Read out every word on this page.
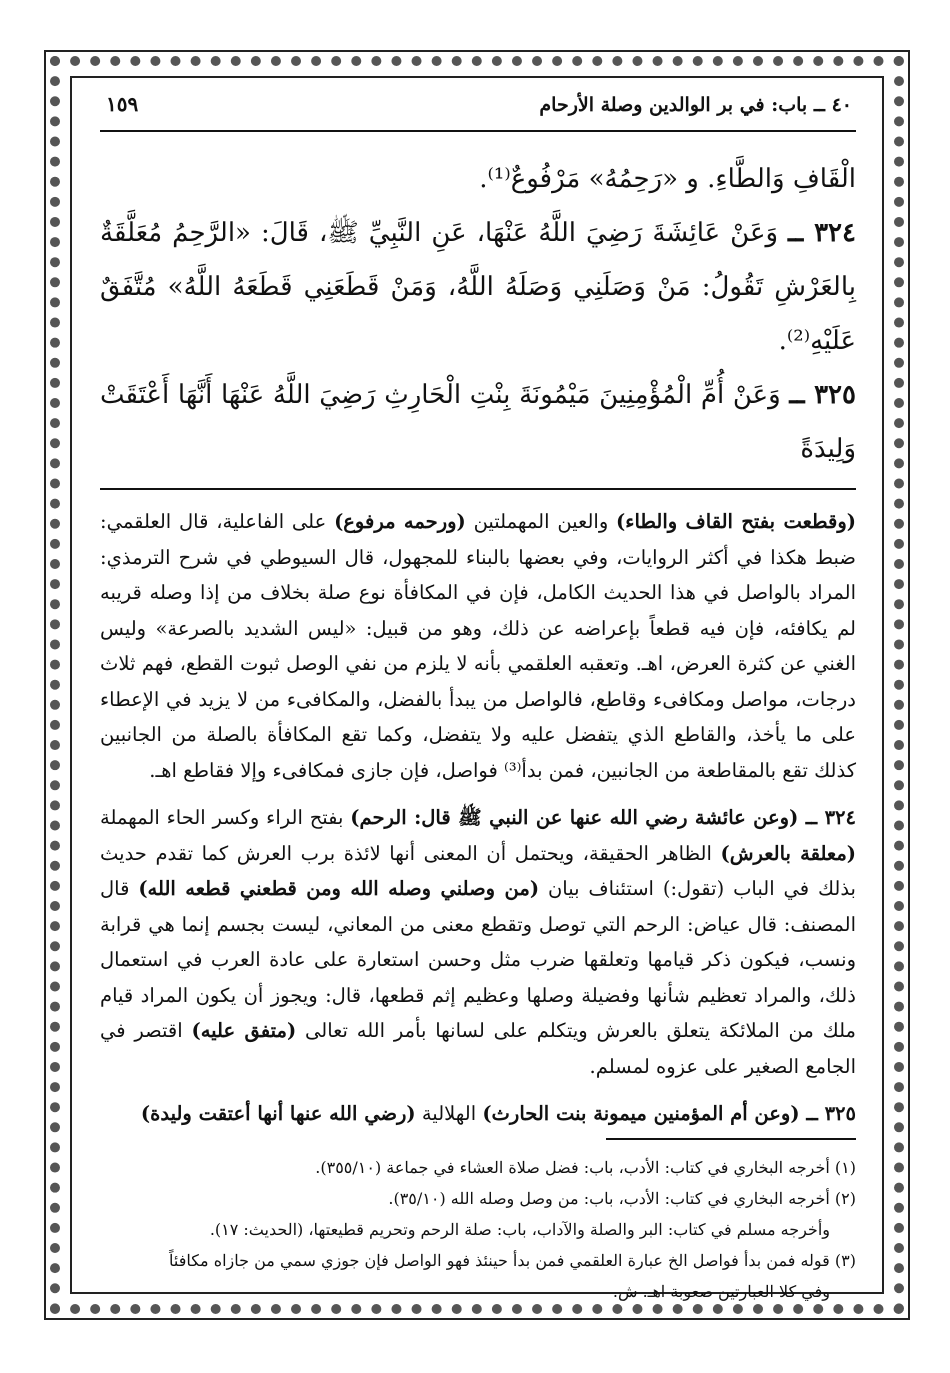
٤٠ ــ باب: في بر الوالدين وصلة الأرحام
١٥٩

الْقَافِ وَالطَّاءِ. و «رَحِمُهُ» مَرْفُوعٌ⁽¹⁾.

٣٢٤ ــ وَعَنْ عَائِشَةَ رَضِيَ اللَّهُ عَنْهَا، عَنِ النَّبِيِّ ﷺ، قَالَ: «الرَّحِمُ مُعَلَّقَةٌ بِالعَرْشِ تَقُولُ: مَنْ وَصَلَنِي وَصَلَهُ اللَّهُ، وَمَنْ قَطَعَنِي قَطَعَهُ اللَّهُ» مُتَّفَقٌ عَلَيْهِ⁽²⁾.

٣٢٥ ــ وَعَنْ أُمِّ الْمُؤْمِنِينَ مَيْمُونَةَ بِنْتِ الْحَارِثِ رَضِيَ اللَّهُ عَنْهَا أَنَّهَا أَعْتَقَتْ وَلِيدَةً

(وقطعت بفتح القاف والطاء) والعين المهملتين (ورحمه مرفوع) على الفاعلية، قال العلقمي: ضبط هكذا في أكثر الروايات، وفي بعضها بالبناء للمجهول، قال السيوطي في شرح الترمذي: المراد بالواصل في هذا الحديث الكامل، فإن في المكافأة نوع صلة بخلاف من إذا وصله قريبه لم يكافئه، فإن فيه قطعاً بإعراضه عن ذلك، وهو من قبيل: «ليس الشديد بالصرعة» وليس الغني عن كثرة العرض، اهـ. وتعقبه العلقمي بأنه لا يلزم من نفي الوصل ثبوت القطع، فهم ثلاث درجات، مواصل ومكافىء وقاطع، فالواصل من يبدأ بالفضل، والمكافىء من لا يزيد في الإعطاء على ما يأخذ، والقاطع الذي يتفضل عليه ولا يتفضل، وكما تقع المكافأة بالصلة من الجانبين كذلك تقع بالمقاطعة من الجانبين، فمن بدأ⁽³⁾ فواصل، فإن جازى فمكافىء وإلا فقاطع اهـ.

٣٢٤ ــ (وعن عائشة رضي الله عنها عن النبي ﷺ قال: الرحم) بفتح الراء وكسر الحاء المهملة (معلقة بالعرش) الظاهر الحقيقة، ويحتمل أن المعنى أنها لائذة برب العرش كما تقدم حديث بذلك في الباب (تقول:) استئناف بيان (من وصلني وصله الله ومن قطعني قطعه الله) قال المصنف: قال عياض: الرحم التي توصل وتقطع معنى من المعاني، ليست بجسم إنما هي قرابة ونسب، فيكون ذكر قيامها وتعلقها ضرب مثل وحسن استعارة على عادة العرب في استعمال ذلك، والمراد تعظيم شأنها وفضيلة وصلها وعظيم إثم قطعها، قال: ويجوز أن يكون المراد قيام ملك من الملائكة يتعلق بالعرش ويتكلم على لسانها بأمر الله تعالى (متفق عليه) اقتصر في الجامع الصغير على عزوه لمسلم.

٣٢٥ ــ (وعن أم المؤمنين ميمونة بنت الحارث) الهلالية (رضي الله عنها أنها أعتقت وليدة)

(١) أخرجه البخاري في كتاب: الأدب، باب: فضل صلاة العشاء في جماعة (٣٥٥/١٠).

(٢) أخرجه البخاري في كتاب: الأدب، باب: من وصل وصله الله (٣٥/١٠).

وأخرجه مسلم في كتاب: البر والصلة والآداب، باب: صلة الرحم وتحريم قطيعتها، (الحديث: ١٧).

(٣) قوله فمن بدأ فواصل الخ عبارة العلقمي فمن بدأ حينئذ فهو الواصل فإن جوزي سمي من جازاه مكافئاً

وفي كلا العبارتين صعوبة اهـ. ش.
